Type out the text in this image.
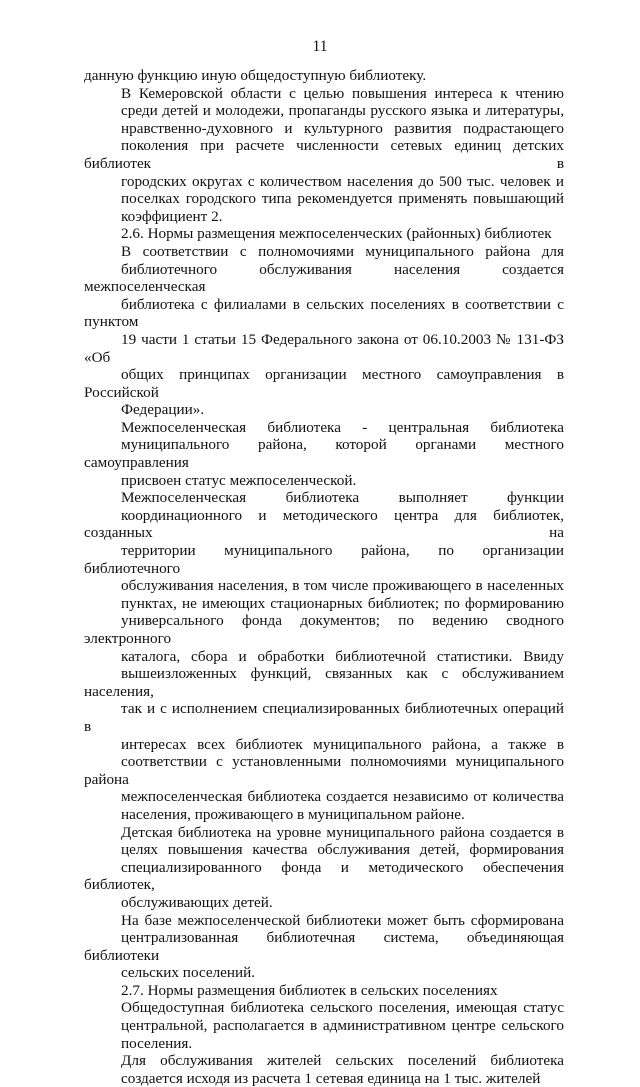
11
данную функцию иную общедоступную библиотеку.
В Кемеровской области с целью повышения интереса к чтению
среди детей и молодежи, пропаганды русского языка и литературы,
нравственно-духовного и культурного развития подрастающего
поколения при расчете численности сетевых единиц детских библиотек в
городских округах с количеством населения до 500 тыс. человек и
поселках городского типа рекомендуется применять повышающий
коэффициент 2.
2.6. Нормы размещения межпоселенческих (районных) библиотек
В соответствии с полномочиями муниципального района для
библиотечного обслуживания населения создается межпоселенческая
библиотека с филиалами в сельских поселениях в соответствии с пунктом
19 части 1 статьи 15 Федерального закона от 06.10.2003 № 131-ФЗ «Об
общих принципах организации местного самоуправления в Российской
Федерации».
Межпоселенческая библиотека - центральная библиотека
муниципального района, которой органами местного самоуправления
присвоен статус межпоселенческой.
Межпоселенческая библиотека выполняет функции
координационного и методического центра для библиотек, созданных на
территории муниципального района, по организации библиотечного
обслуживания населения, в том числе проживающего в населенных
пунктах, не имеющих стационарных библиотек; по формированию
универсального фонда документов; по ведению сводного электронного
каталога, сбора и обработки библиотечной статистики. Ввиду
вышеизложенных функций, связанных как с обслуживанием населения,
так и с исполнением специализированных библиотечных операций в
интересах всех библиотек муниципального района, а также в
соответствии с установленными полномочиями муниципального района
межпоселенческая библиотека создается независимо от количества
населения, проживающего в муниципальном районе.
Детская библиотека на уровне муниципального района создается в
целях повышения качества обслуживания детей, формирования
специализированного фонда и методического обеспечения библиотек,
обслуживающих детей.
На базе межпоселенческой библиотеки может быть сформирована
централизованная библиотечная система, объединяющая библиотеки
сельских поселений.
2.7. Нормы размещения библиотек в сельских поселениях
Общедоступная библиотека сельского поселения, имеющая статус
центральной, располагается в административном центре сельского
поселения.
Для обслуживания жителей сельских поселений библиотека
создается исходя из расчета 1 сетевая единица на 1 тыс. жителей
